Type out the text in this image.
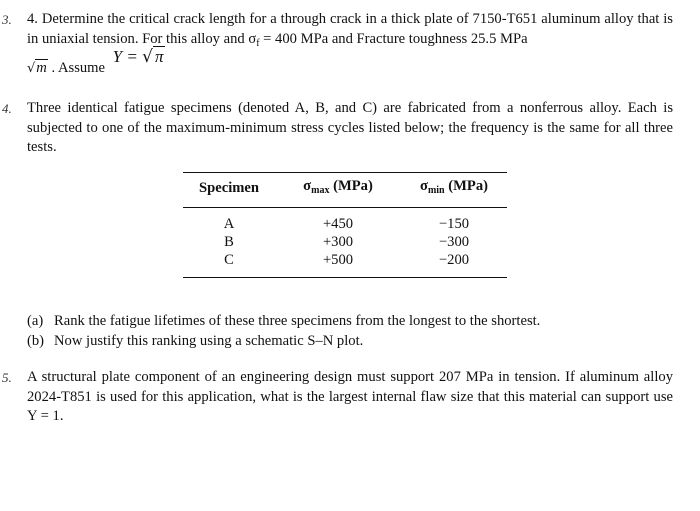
3. 4. Determine the critical crack length for a through crack in a thick plate of 7150-T651 aluminum alloy that is in uniaxial tension. For this alloy and $\sigma_f = 400$ MPa and Fracture toughness 25.5 MPa
√m . Assume Y = √ π
4. Three identical fatigue specimens (denoted A, B, and C) are fabricated from a nonferrous alloy. Each is subjected to one of the maximum-minimum stress cycles listed below; the frequency is the same for all three tests.
Specimen	$\sigma_{max}$ (MPa)	$\sigma_{min}$ (MPa)
A	+450	−150
B	+300	−300
C	+500	−200
(a) Rank the fatigue lifetimes of these three specimens from the longest to the shortest.
(b) Now justify this ranking using a schematic S–N plot.
5. A structural plate component of an engineering design must support 207 MPa in tension. If aluminum alloy 2024-T851 is used for this application, what is the largest internal flaw size that this material can support use Y = 1.
